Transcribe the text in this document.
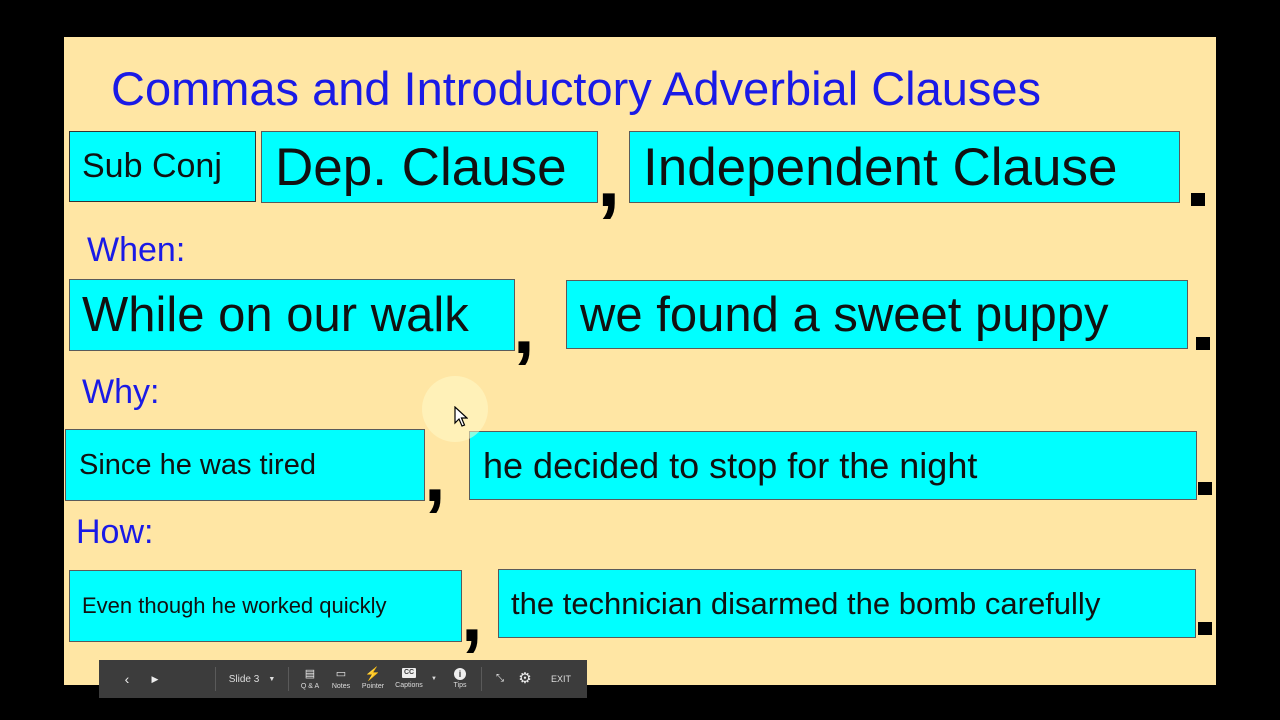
Commas and Introductory Adverbial Clauses
Sub Conj Dep. Clause , Independent Clause
When:
While on our walk , we found a sweet puppy
Why:
Since he was tired , he decided to stop for the night
How:
Even though he worked quickly , the technician disarmed the bomb carefully
‹ ▶	Slide 3 ▼	▤
Q & A
▭
Notes
⚡
Pointer
CC
Captions
▼	i
Tips
⤡ ⚙ EXIT
